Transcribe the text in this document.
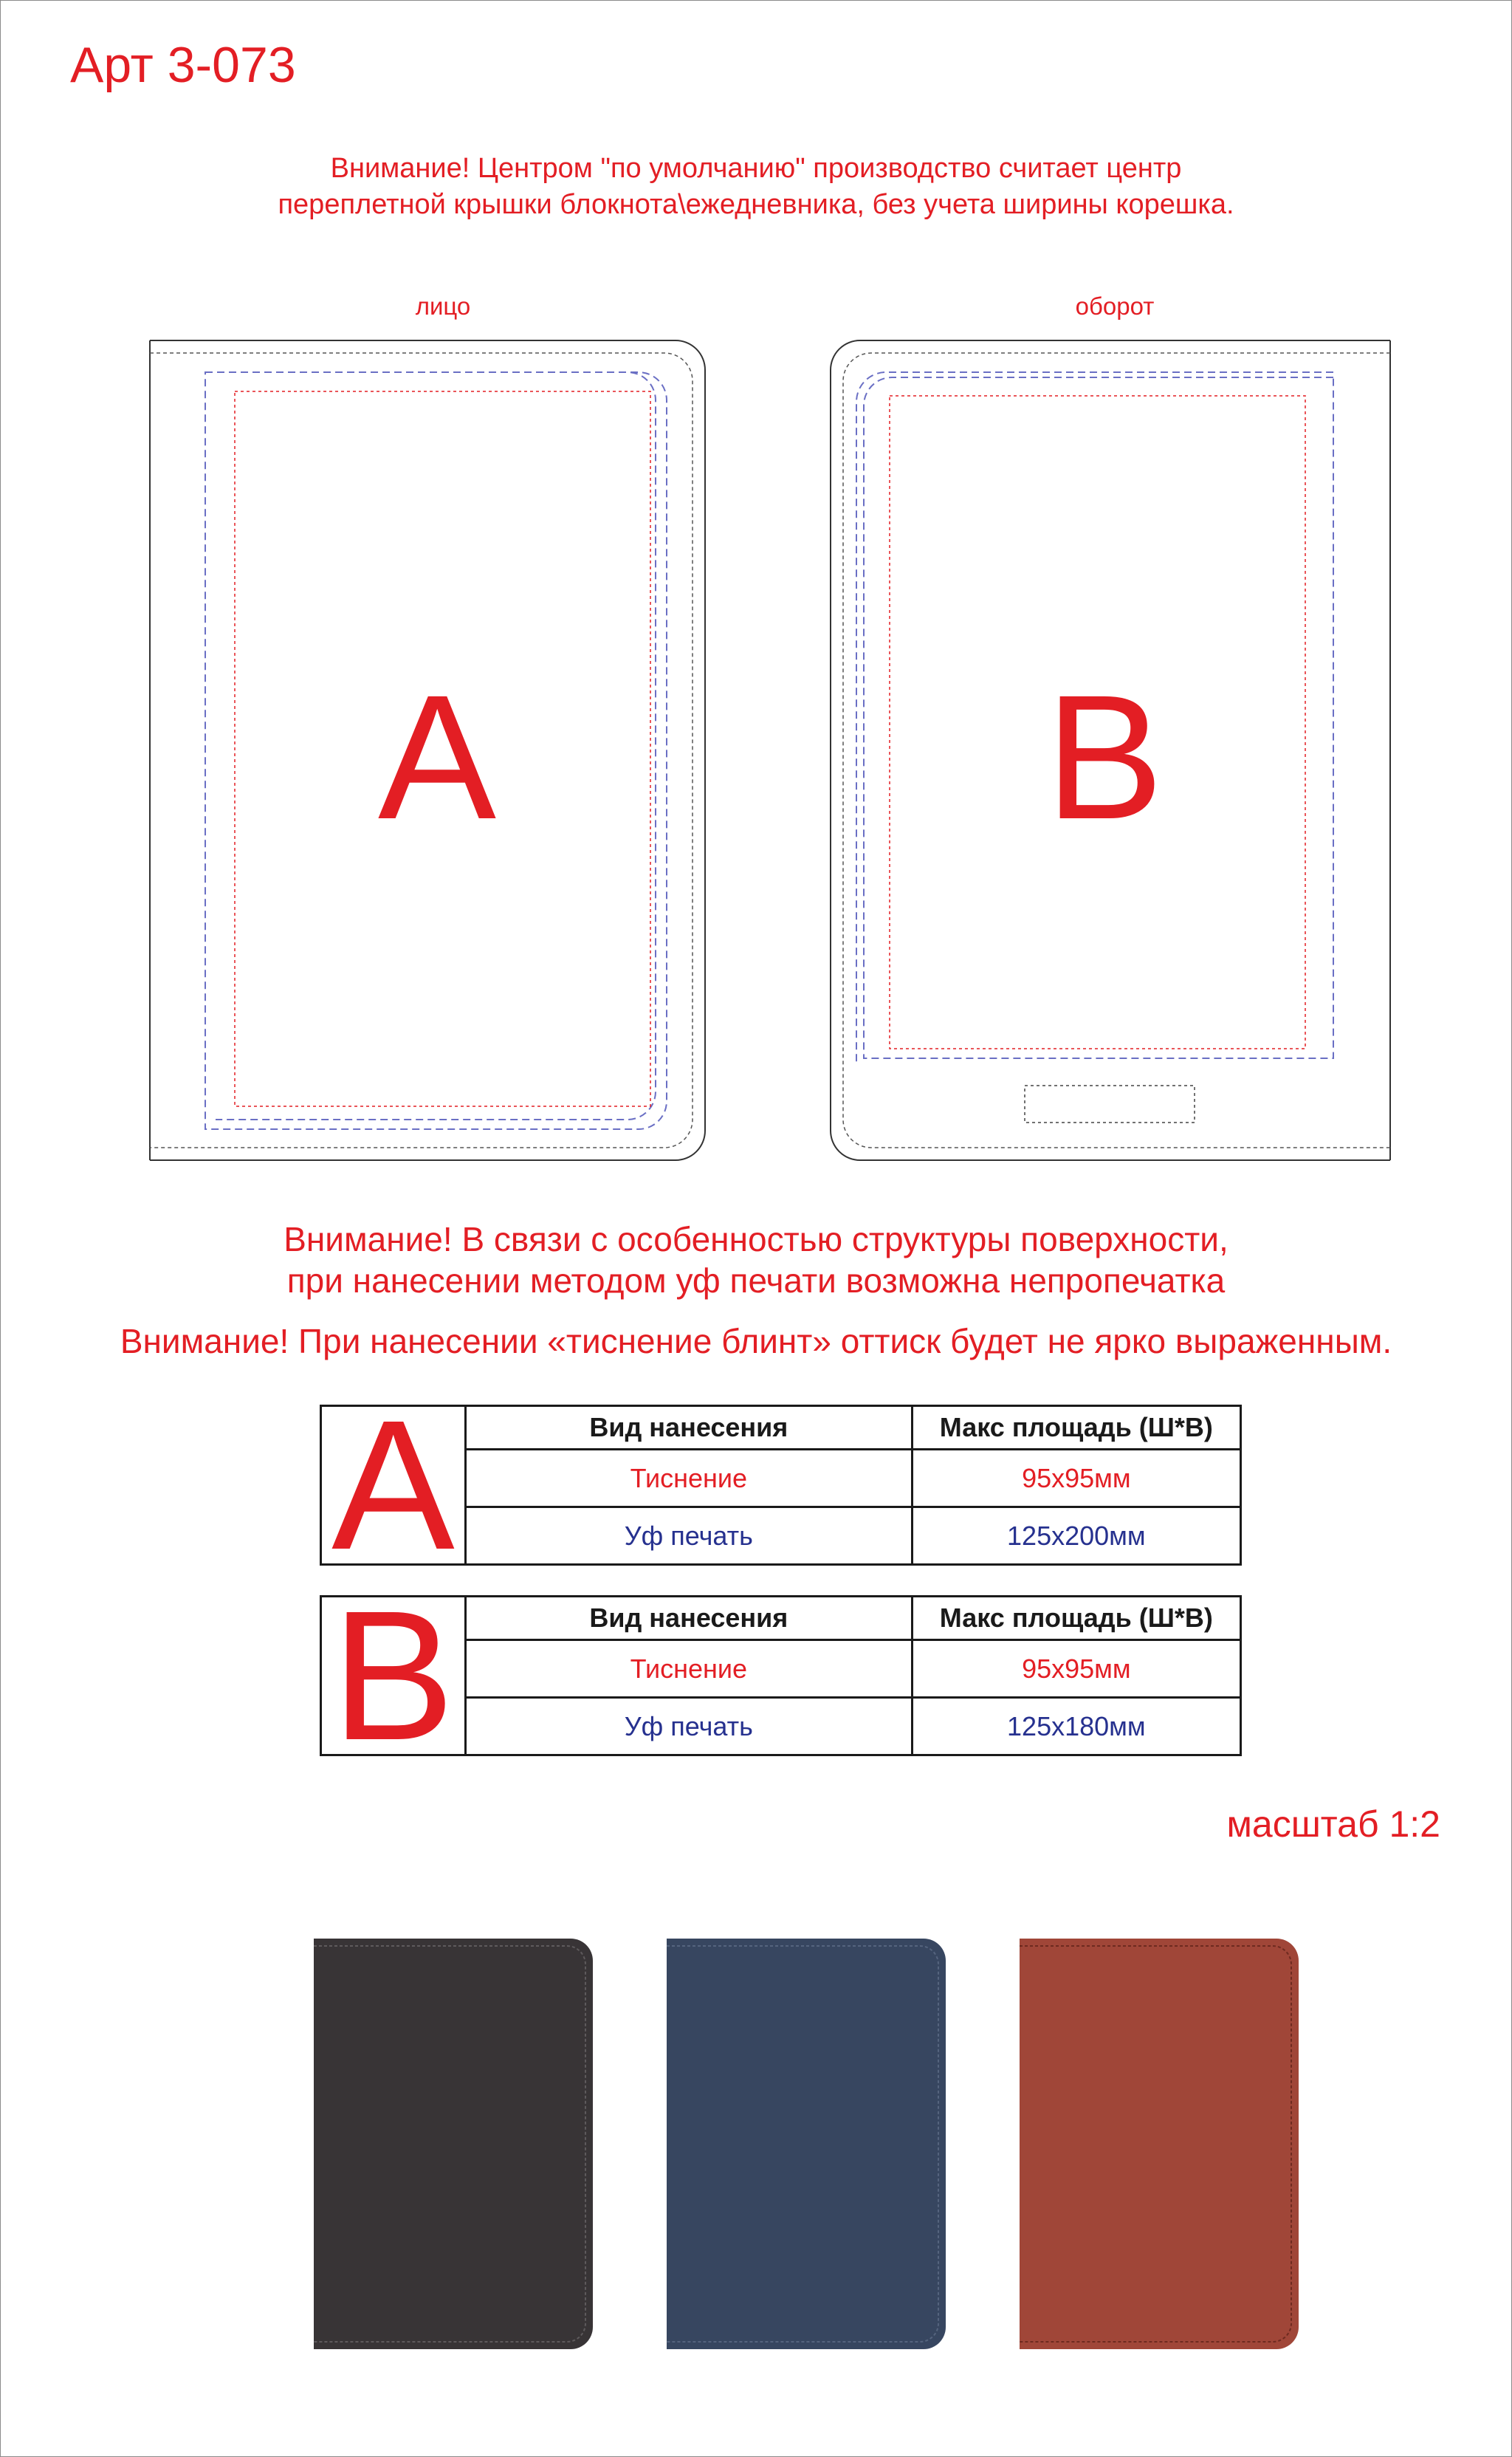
Арт 3-073
Внимание! Центром "по умолчанию" производство считает центр
переплетной крышки блокнота\ежедневника, без учета ширины корешка.
лицо	оборот
A	B
Внимание! В связи с особенностью структуры поверхности,
при нанесении методом уф печати возможна непропечатка
Внимание! При нанесении «тиснение блинт» оттиск будет не ярко выраженным.
A	Вид нанесения	Макс площадь (Ш*В)
	Тиснение	95x95мм
	Уф печать	125x200мм
B	Вид нанесения	Макс площадь (Ш*В)
	Тиснение	95x95мм
	Уф печать	125x180мм
масштаб 1:2
